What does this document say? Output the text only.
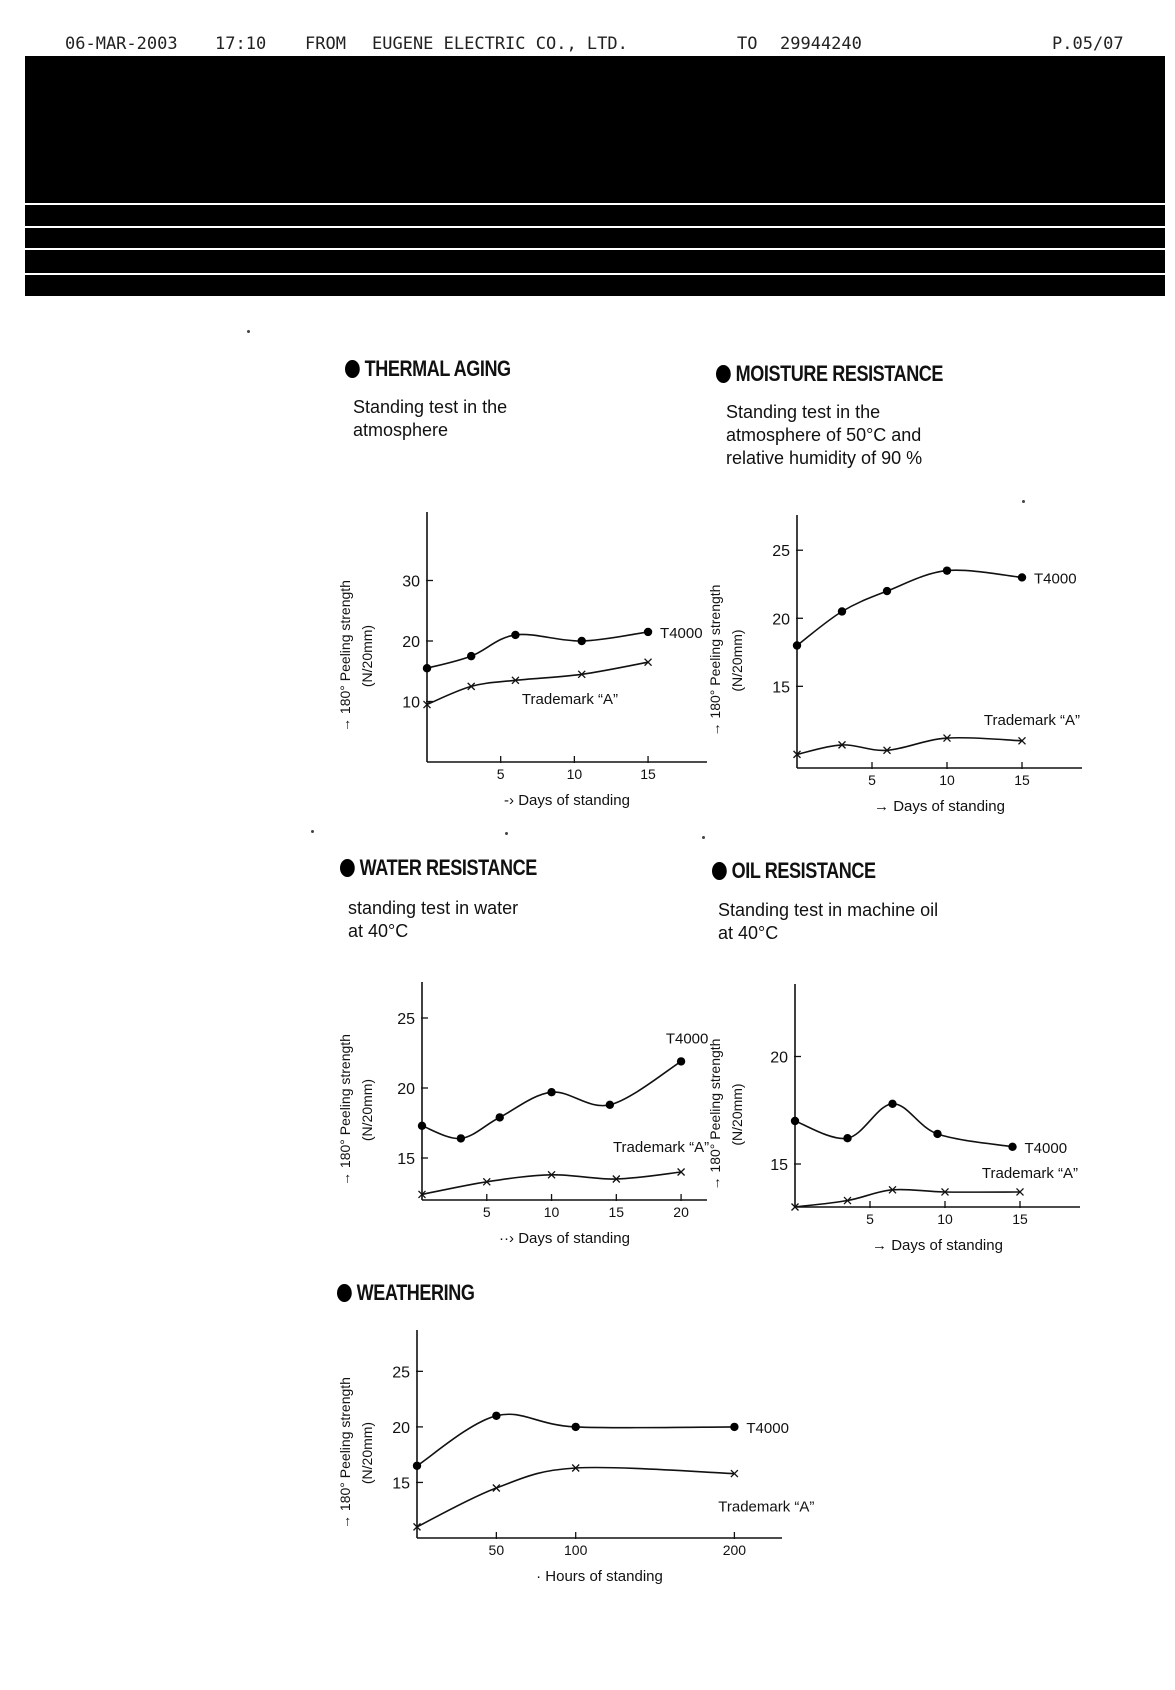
06-MAR-2003 17:10 FROM EUGENE ELECTRIC CO., LTD.	TO 29944240	P.05/07
THERMAL AGING
Standing test in the
atmosphere
10
20
30
5	10	15
-› Days of standing
→ 180° Peeling strength (N/20mm)	T4000
Trademark “A”
MOISTURE RESISTANCE
Standing test in the
atmosphere of 50°C and
relative humidity of 90 %
15
20
25
5	10	15
→ Days of standing
→ 180° Peeling strength (N/20mm)
T4000
Trademark “A”
WATER RESISTANCE
standing test in water
at 40°C
15
20
25
5	10	15	20
··› Days of standing
→ 180° Peeling strength (N/20mm)
T4000
Trademark “A”
OIL RESISTANCE
Standing test in machine oil
at 40°C
15
20
5	10	15
→ Days of standing
→ 180° Peeling strength (N/20mm)
T4000
Trademark “A”
WEATHERING
15
20
25
50	100	200
· Hours of standing
→ 180° Peeling strength (N/20mm)	T4000
Trademark “A”
